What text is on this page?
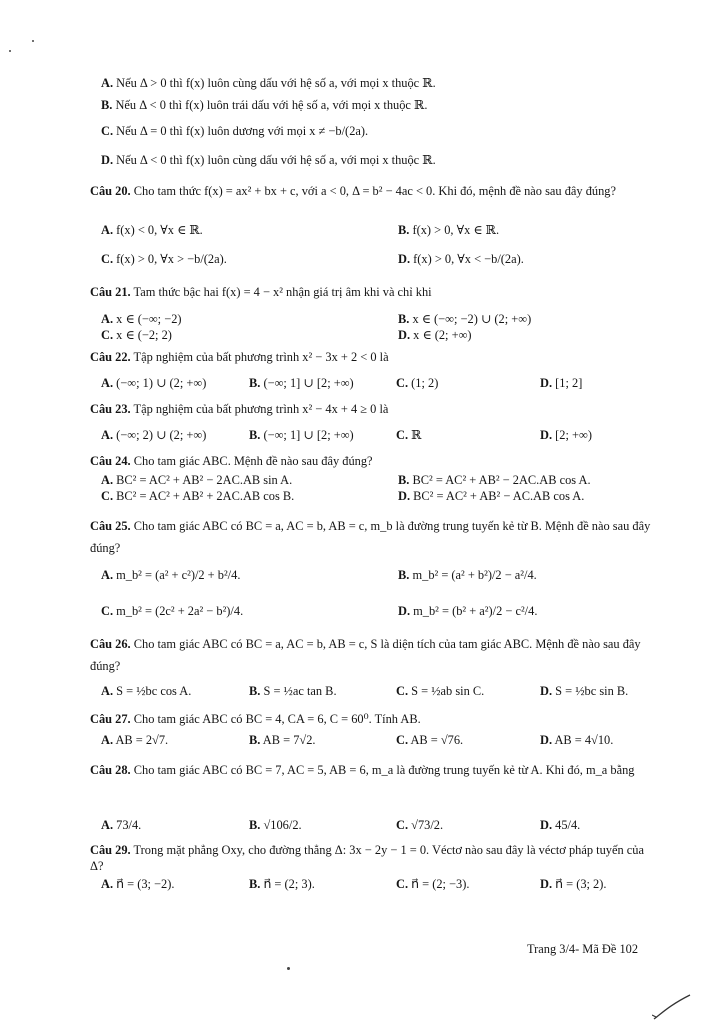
A. Nếu Δ > 0 thì f(x) luôn cùng dấu với hệ số a, với mọi x thuộc ℝ.
B. Nếu Δ < 0 thì f(x) luôn trái dấu với hệ số a, với mọi x thuộc ℝ.
C. Nếu Δ = 0 thì f(x) luôn dương với mọi x ≠ −b/(2a).
D. Nếu Δ < 0 thì f(x) luôn cùng dấu với hệ số a, với mọi x thuộc ℝ.
Câu 20. Cho tam thức f(x) = ax² + bx + c, với a < 0, Δ = b² − 4ac < 0. Khi đó, mệnh đề nào sau đây đúng?
A. f(x) < 0, ∀x ∈ ℝ.	B. f(x) > 0, ∀x ∈ ℝ.
C. f(x) > 0, ∀x > −b/(2a).	D. f(x) > 0, ∀x < −b/(2a).
Câu 21. Tam thức bậc hai f(x) = 4 − x² nhận giá trị âm khi và chỉ khi
A. x ∈ (−∞; −2)	B. x ∈ (−∞; −2) ∪ (2; +∞)
C. x ∈ (−2; 2)	D. x ∈ (2; +∞)
Câu 22. Tập nghiệm của bất phương trình x² − 3x + 2 < 0 là
A. (−∞; 1) ∪ (2; +∞)	B. (−∞; 1] ∪ [2; +∞)	C. (1; 2)	D. [1; 2]
Câu 23. Tập nghiệm của bất phương trình x² − 4x + 4 ≥ 0 là
A. (−∞; 2) ∪ (2; +∞)	B. (−∞; 1] ∪ [2; +∞)	C. ℝ	D. [2; +∞)
Câu 24. Cho tam giác ABC. Mệnh đề nào sau đây đúng?
A. BC² = AC² + AB² − 2AC.AB sin A.	B. BC² = AC² + AB² − 2AC.AB cos A.
C. BC² = AC² + AB² + 2AC.AB cos B.	D. BC² = AC² + AB² − AC.AB cos A.
Câu 25. Cho tam giác ABC có BC = a, AC = b, AB = c, m_b là đường trung tuyến kẻ từ B. Mệnh đề nào sau đây đúng?
A. m_b² = (a² + c²)/2 + b²/4.	B. m_b² = (a² + b²)/2 − a²/4.
C. m_b² = (2c² + 2a² − b²)/4.	D. m_b² = (b² + a²)/2 − c²/4.
Câu 26. Cho tam giác ABC có BC = a, AC = b, AB = c, S là diện tích của tam giác ABC. Mệnh đề nào sau đây đúng?
A. S = ½bc cos A.	B. S = ½ac tan B.	C. S = ½ab sin C.	D. S = ½bc sin B.
Câu 27. Cho tam giác ABC có BC = 4, CA = 6, C = 60⁰. Tính AB.
A. AB = 2√7.	B. AB = 7√2.	C. AB = √76.	D. AB = 4√10.
Câu 28. Cho tam giác ABC có BC = 7, AC = 5, AB = 6, m_a là đường trung tuyến kẻ từ A. Khi đó, m_a bằng
A. 73/4.	B. √106/2.	C. √73/2.	D. 45/4.
Câu 29. Trong mặt phẳng Oxy, cho đường thẳng Δ: 3x − 2y − 1 = 0. Véctơ nào sau đây là véctơ pháp tuyến của Δ?
A. n⃗ = (3; −2).	B. n⃗ = (2; 3).	C. n⃗ = (2; −3).	D. n⃗ = (3; 2).
Trang 3/4- Mã Đề 102
